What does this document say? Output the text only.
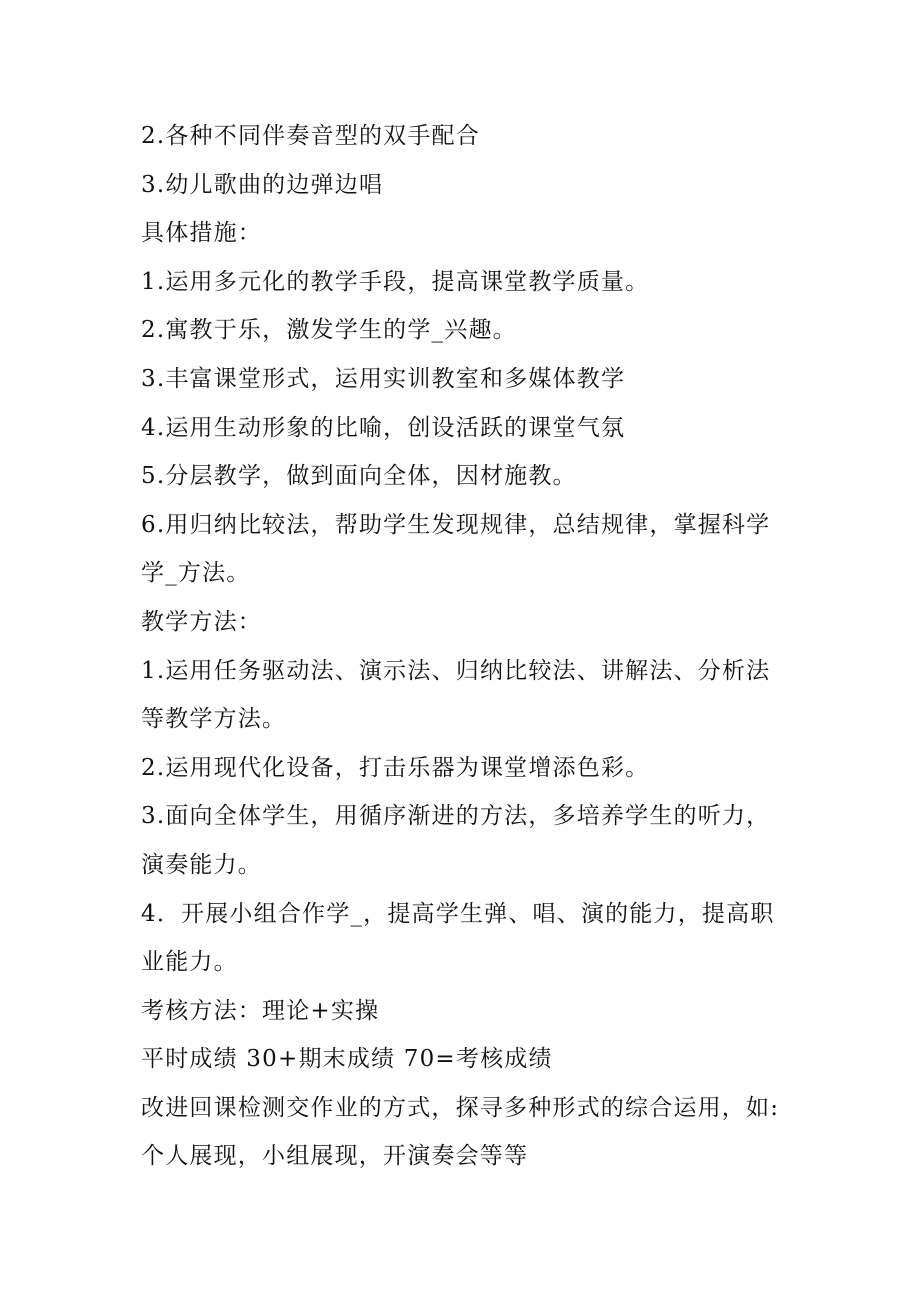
2.各种不同伴奏音型的双手配合
3.幼儿歌曲的边弹边唱
具体措施：
1.运用多元化的教学手段，提高课堂教学质量。
2.寓教于乐，激发学生的学_兴趣。
3.丰富课堂形式，运用实训教室和多媒体教学
4.运用生动形象的比喻，创设活跃的课堂气氛
5.分层教学，做到面向全体，因材施教。
6.用归纳比较法，帮助学生发现规律，总结规律，掌握科学
学_方法。
教学方法：
1.运用任务驱动法、演示法、归纳比较法、讲解法、分析法
等教学方法。
2.运用现代化设备，打击乐器为课堂增添色彩。
3.面向全体学生，用循序渐进的方法，多培养学生的听力，
演奏能力。
4．开展小组合作学_，提高学生弹、唱、演的能力，提高职
业能力。
考核方法：理论+实操
平时成绩 30+期末成绩 70=考核成绩
改进回课检测交作业的方式，探寻多种形式的综合运用，如:
个人展现，小组展现，开演奏会等等
